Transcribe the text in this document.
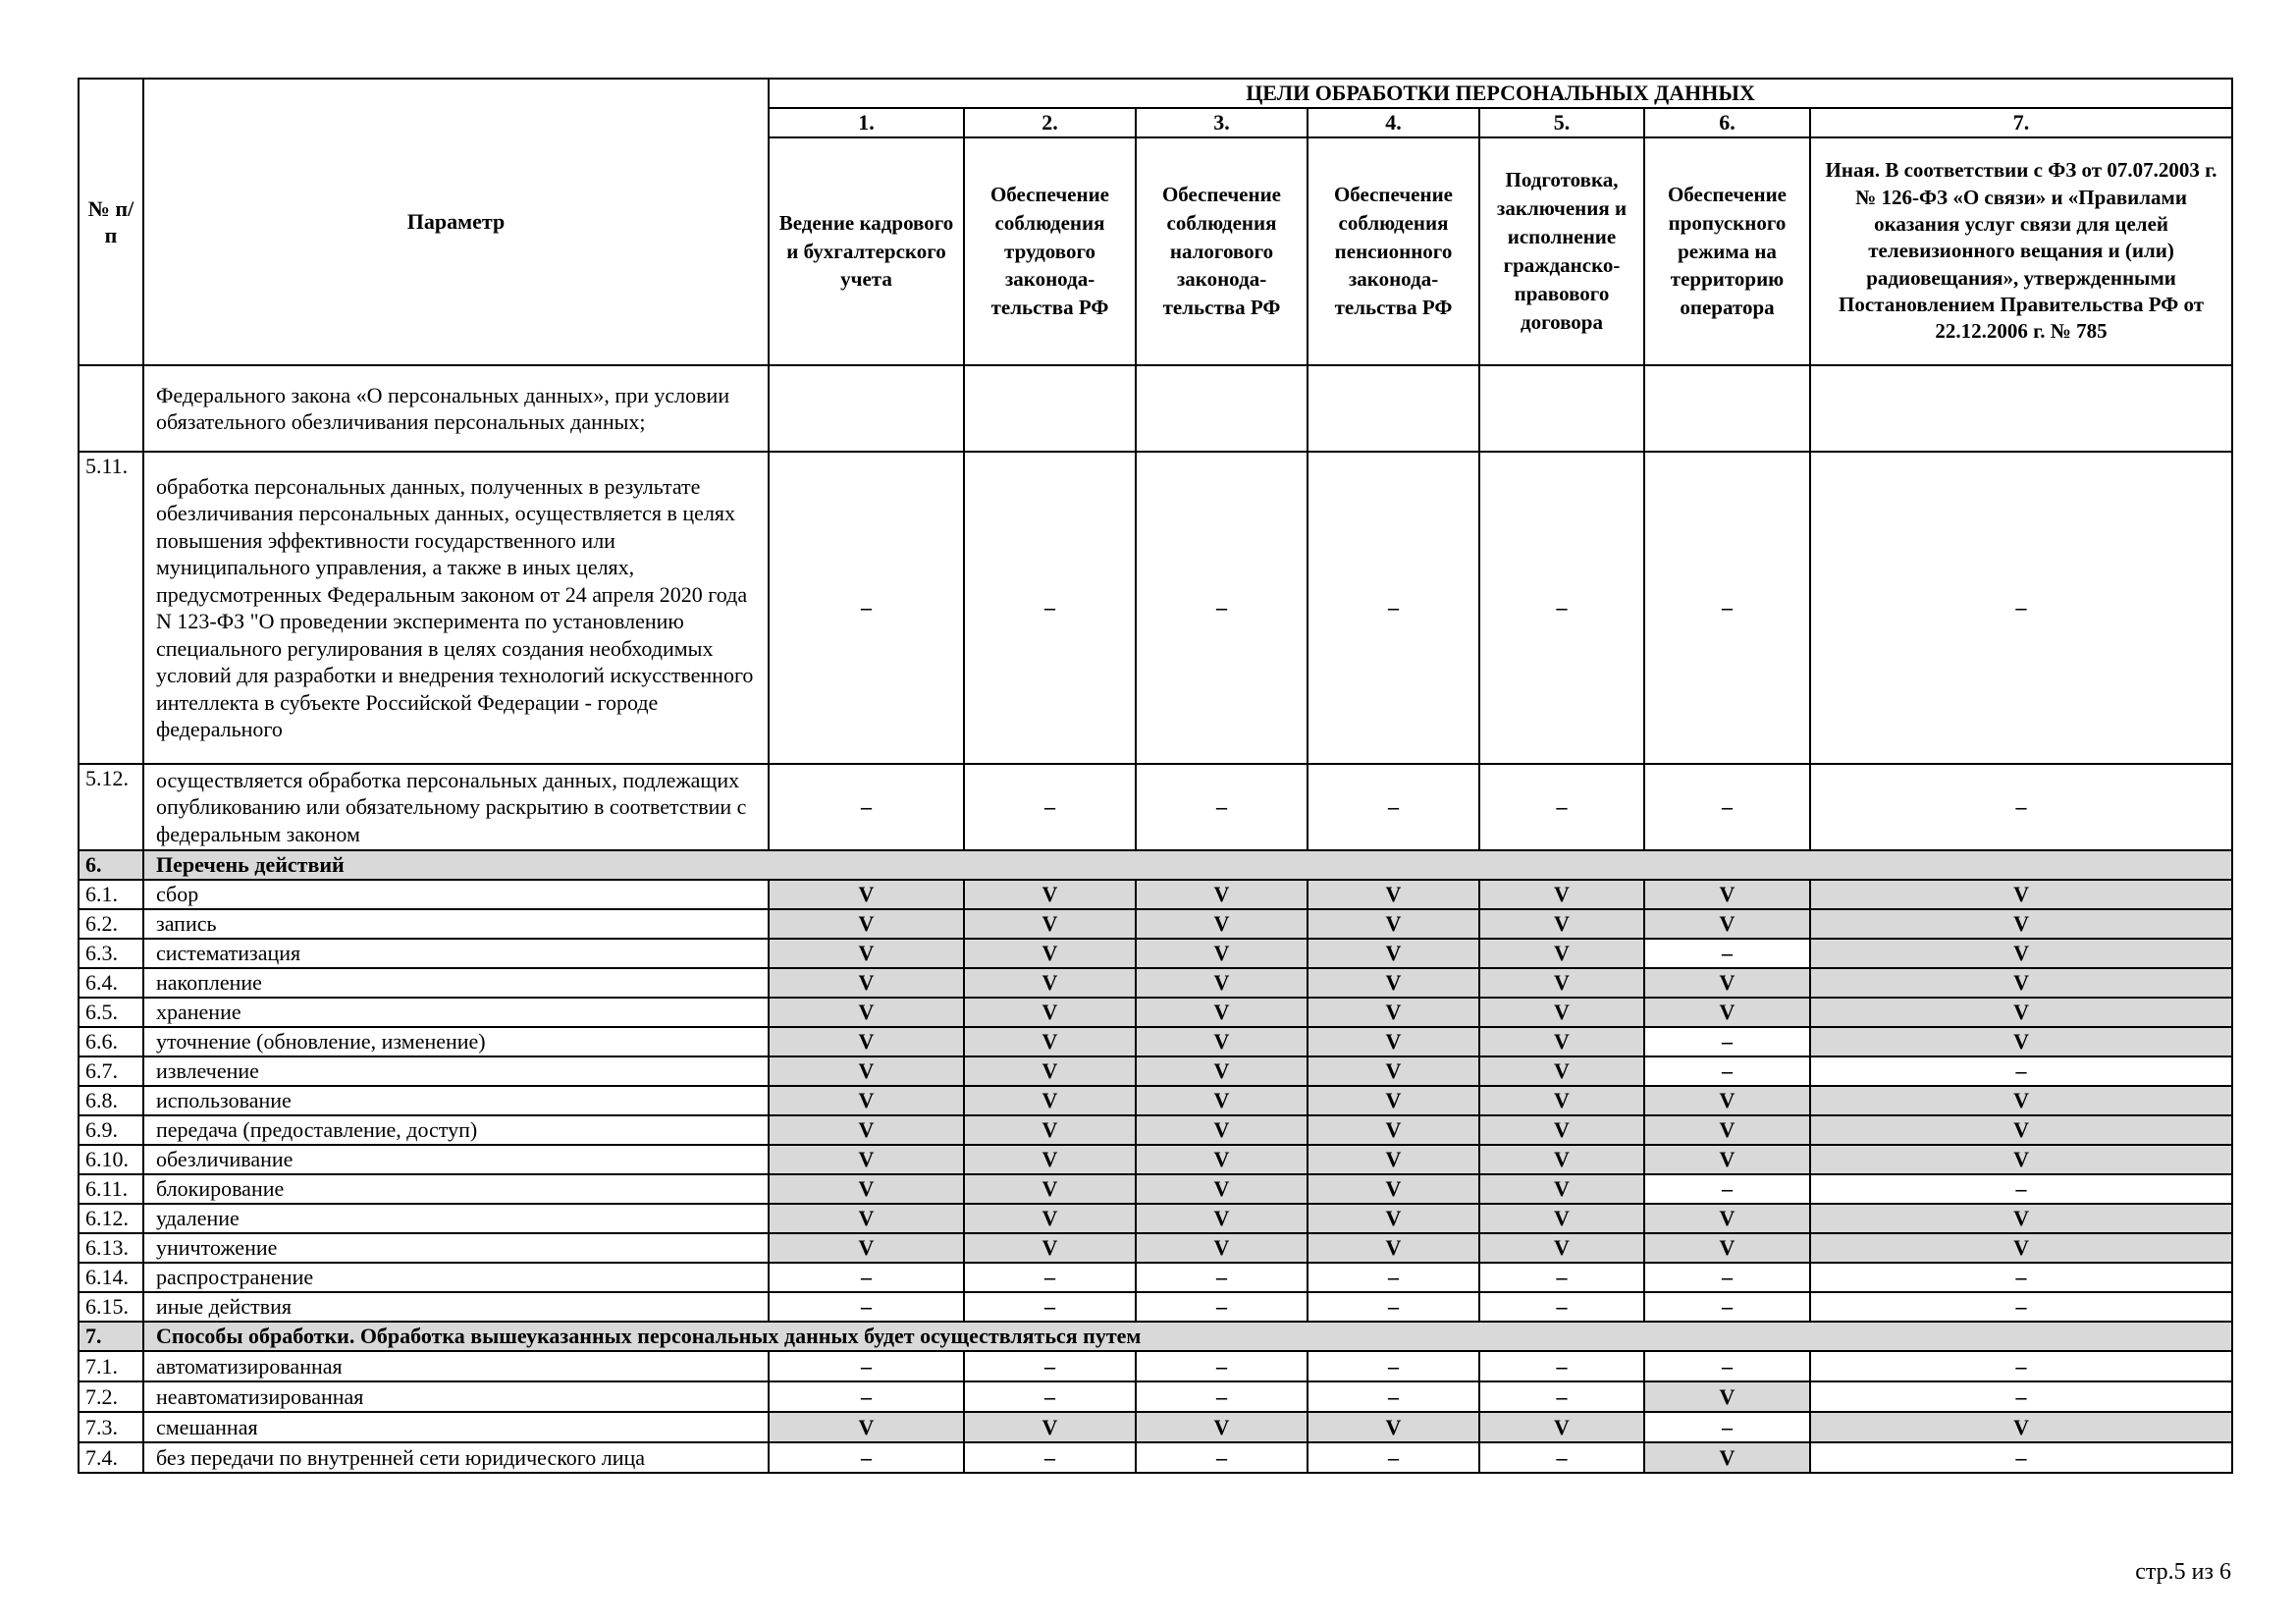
№ п/п	Параметр	ЦЕЛИ ОБРАБОТКИ ПЕРСОНАЛЬНЫХ ДАННЫХ						
		1.	2.	3.	4.	5.	6.	7.
		Ведение кадрового и бухгалтерского учета	Обеспечение соблюдения трудового законода-тельства РФ	Обеспечение соблюдения налогового законода-тельства РФ	Обеспечение соблюдения пенсионного законода-тельства РФ	Подготовка, заключения и исполнение гражданско-правового договора	Обеспечение пропускного режима на территорию оператора	Иная. В соответствии с ФЗ от 07.07.2003 г. № 126-ФЗ «О связи» и «Правилами оказания услуг связи для целей телевизионного вещания и (или) радиовещания», утвержденными Постановлением Правительства РФ от 22.12.2006 г. № 785
	Федерального закона «О персональных данных», при условии обязательного обезличивания персональных данных;							
5.11.	обработка персональных данных, полученных в результате обезличивания персональных данных, осуществляется в целях повышения эффективности государственного или муниципального управления, а также в иных целях, предусмотренных Федеральным законом от 24 апреля 2020 года N 123-ФЗ "О проведении эксперимента по установлению специального регулирования в целях создания необходимых условий для разработки и внедрения технологий искусственного интеллекта в субъекте Российской Федерации - городе федерального	–	–	–	–	–	–	–
5.12.	осуществляется обработка персональных данных, подлежащих опубликованию или обязательному раскрытию в соответствии с федеральным законом	–	–	–	–	–	–	–
6.	Перечень действий							
6.1.	сбор	V	V	V	V	V	V	V
6.2.	запись	V	V	V	V	V	V	V
6.3.	систематизация	V	V	V	V	V	–	V
6.4.	накопление	V	V	V	V	V	V	V
6.5.	хранение	V	V	V	V	V	V	V
6.6.	уточнение (обновление, изменение)	V	V	V	V	V	–	V
6.7.	извлечение	V	V	V	V	V	–	–
6.8.	использование	V	V	V	V	V	V	V
6.9.	передача (предоставление, доступ)	V	V	V	V	V	V	V
6.10.	обезличивание	V	V	V	V	V	V	V
6.11.	блокирование	V	V	V	V	V	–	–
6.12.	удаление	V	V	V	V	V	V	V
6.13.	уничтожение	V	V	V	V	V	V	V
6.14.	распространение	–	–	–	–	–	–	–
6.15.	иные действия	–	–	–	–	–	–	–
7.	Способы обработки. Обработка вышеуказанных персональных данных будет осуществляться путем							
7.1.	автоматизированная	–	–	–	–	–	–	–
7.2.	неавтоматизированная	–	–	–	–	–	V	–
7.3.	смешанная	V	V	V	V	V	–	V
7.4.	без передачи по внутренней сети юридического лица	–	–	–	–	–	V	–
стр.5 из 6
